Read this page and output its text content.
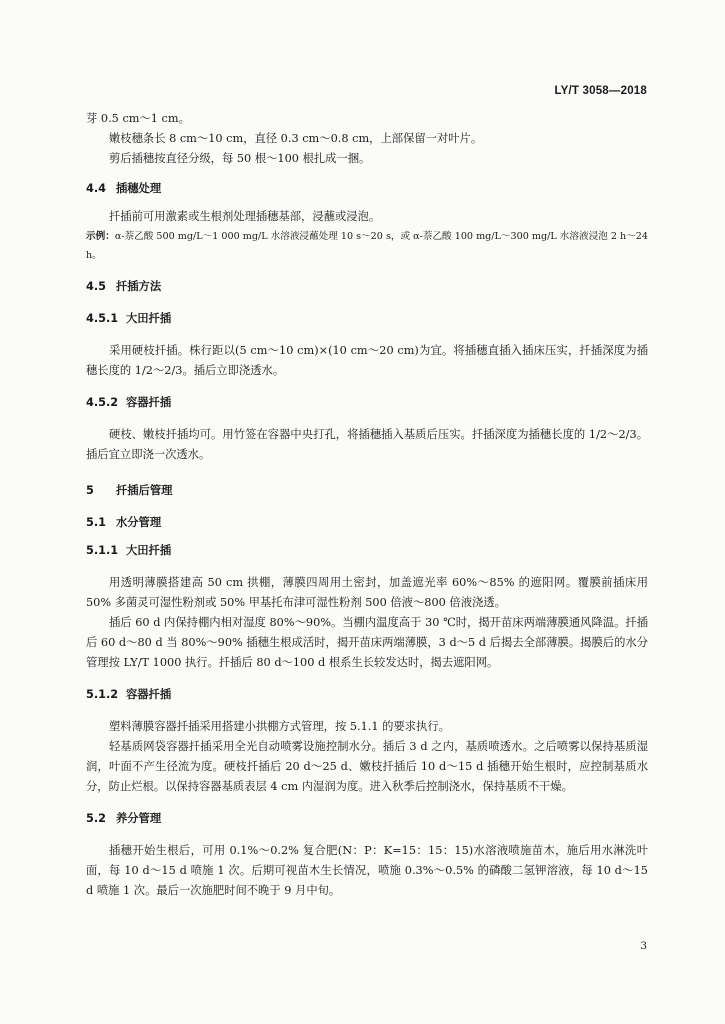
LY/T 3058—2018

芽 0.5 cm～1 cm。

嫩枝穗条长 8 cm～10 cm，直径 0.3 cm～0.8 cm，上部保留一对叶片。

剪后插穗按直径分级，每 50 根～100 根扎成一捆。

4.4 插穗处理

扦插前可用激素或生根剂处理插穗基部，浸蘸或浸泡。

示例：α-萘乙酸 500 mg/L～1 000 mg/L 水溶液浸蘸处理 10 s～20 s，或 α-萘乙酸 100 mg/L～300 mg/L 水溶液浸泡 2 h～24 h。

4.5 扦插方法
4.5.1 大田扦插

采用硬枝扦插。株行距以(5 cm～10 cm)×(10 cm～20 cm)为宜。将插穗直插入插床压实，扦插深度为插穗长度的 1/2～2/3。插后立即浇透水。

4.5.2 容器扦插

硬枝、嫩枝扦插均可。用竹签在容器中央打孔，将插穗插入基质后压实。扦插深度为插穗长度的 1/2～2/3。插后宜立即浇一次透水。

5 扦插后管理
5.1 水分管理
5.1.1 大田扦插

用透明薄膜搭建高 50 cm 拱棚，薄膜四周用土密封，加盖遮光率 60%～85% 的遮阳网。覆膜前插床用 50% 多菌灵可湿性粉剂或 50% 甲基托布津可湿性粉剂 500 倍液～800 倍液浇透。

插后 60 d 内保持棚内相对湿度 80%～90%。当棚内温度高于 30 ℃时，揭开苗床两端薄膜通风降温。扦插后 60 d～80 d 当 80%～90% 插穗生根成活时，揭开苗床两端薄膜，3 d～5 d 后揭去全部薄膜。揭膜后的水分管理按 LY/T 1000 执行。扦插后 80 d～100 d 根系生长较发达时，揭去遮阳网。

5.1.2 容器扦插

塑料薄膜容器扦插采用搭建小拱棚方式管理，按 5.1.1 的要求执行。

轻基质网袋容器扦插采用全光自动喷雾设施控制水分。插后 3 d 之内，基质喷透水。之后喷雾以保持基质湿润，叶面不产生径流为度。硬枝扦插后 20 d～25 d、嫩枝扦插后 10 d～15 d 插穗开始生根时，应控制基质水分，防止烂根。以保持容器基质表层 4 cm 内湿润为度。进入秋季后控制浇水，保持基质不干燥。

5.2 养分管理

插穗开始生根后，可用 0.1%～0.2% 复合肥(N：P：K=15：15：15)水溶液喷施苗木，施后用水淋洗叶面，每 10 d～15 d 喷施 1 次。后期可视苗木生长情况，喷施 0.3%～0.5% 的磷酸二氢钾溶液，每 10 d～15 d 喷施 1 次。最后一次施肥时间不晚于 9 月中旬。

3
